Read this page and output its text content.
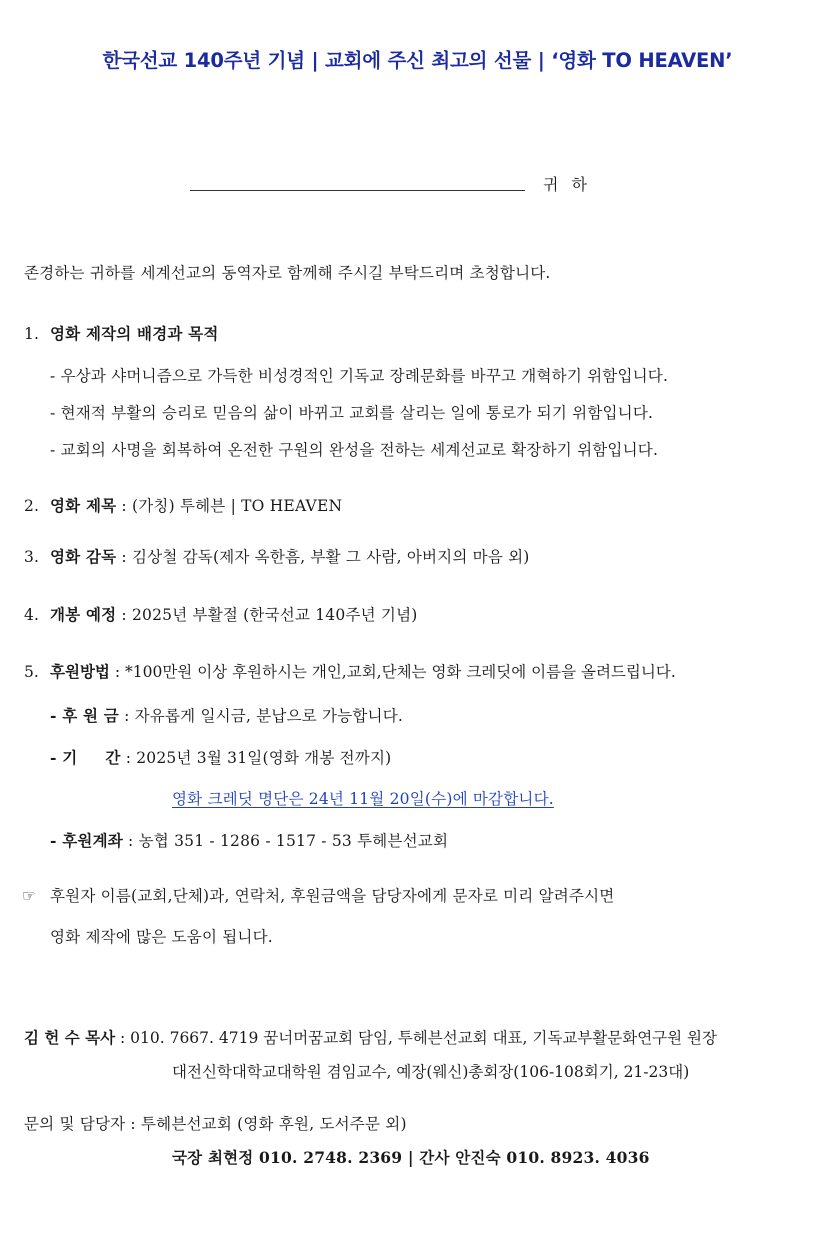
한국선교 140주년 기념 | 교회에 주신 최고의 선물 | ‘영화 TO HEAVEN’
귀 하
존경하는 귀하를 세계선교의 동역자로 함께해 주시길 부탁드리며 초청합니다.
1. 영화 제작의 배경과 목적
- 우상과 샤머니즘으로 가득한 비성경적인 기독교 장례문화를 바꾸고 개혁하기 위함입니다.
- 현재적 부활의 승리로 믿음의 삶이 바뀌고 교회를 살리는 일에 통로가 되기 위함입니다.
- 교회의 사명을 회복하여 온전한 구원의 완성을 전하는 세계선교로 확장하기 위함입니다.
2. 영화 제목 : (가칭) 투헤븐 | TO HEAVEN
3. 영화 감독 : 김상철 감독(제자 옥한흠, 부활 그 사람, 아버지의 마음 외)
4. 개봉 예정 : 2025년 부활절 (한국선교 140주년 기념)
5. 후원방법 : *100만원 이상 후원하시는 개인,교회,단체는 영화 크레딧에 이름을 올려드립니다.
- 후 원 금 : 자유롭게 일시금, 분납으로 가능합니다.
- 기     간 : 2025년 3월 31일(영화 개봉 전까지)
영화 크레딧 명단은 24년 11월 20일(수)에 마감합니다.
- 후원계좌 : 농협 351 - 1286 - 1517 - 53 투헤븐선교회
☞ 후원자 이름(교회,단체)과, 연락처, 후원금액을 담당자에게 문자로 미리 알려주시면
영화 제작에 많은 도움이 됩니다.
김 헌 수 목사 : 010. 7667. 4719 꿈너머꿈교회 담임, 투헤븐선교회 대표, 기독교부활문화연구원 원장
대전신학대학교대학원 겸임교수, 예장(웨신)총회장(106-108회기, 21-23대)
문의 및 담당자 : 투헤븐선교회 (영화 후원, 도서주문 외)
국장 최현정 010. 2748. 2369 | 간사 안진숙 010. 8923. 4036
